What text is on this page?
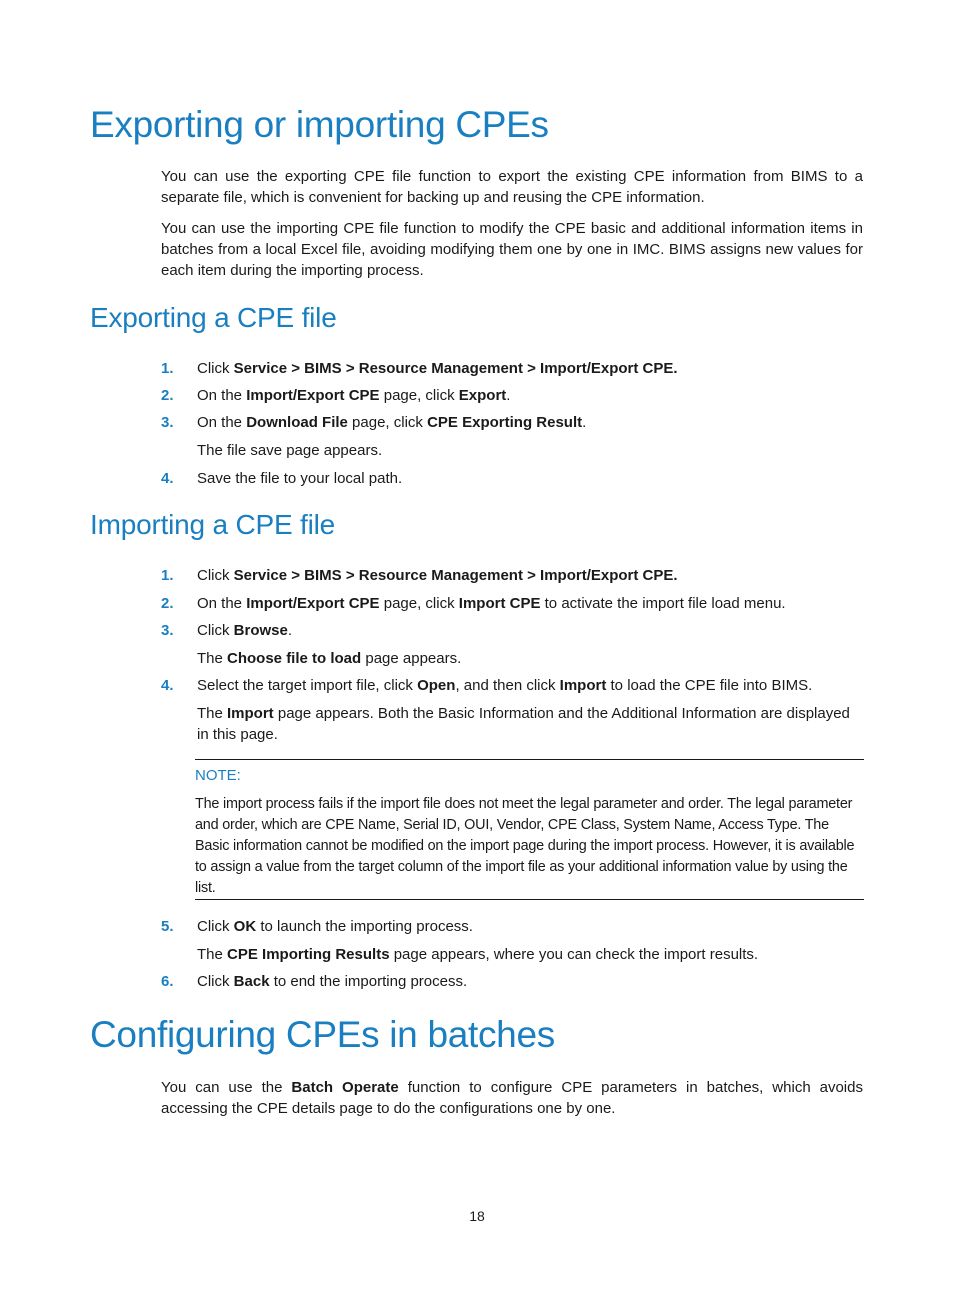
Exporting or importing CPEs

You can use the exporting CPE file function to export the existing CPE information from BIMS to a separate file, which is convenient for backing up and reusing the CPE information.

You can use the importing CPE file function to modify the CPE basic and additional information items in batches from a local Excel file, avoiding modifying them one by one in IMC. BIMS assigns new values for each item during the importing process.

Exporting a CPE file
1. Click Service > BIMS > Resource Management > Import/Export CPE.
2. On the Import/Export CPE page, click Export.
3. On the Download File page, click CPE Exporting Result.

The file save page appears.

4. Save the file to your local path.
Importing a CPE file
1. Click Service > BIMS > Resource Management > Import/Export CPE.
2. On the Import/Export CPE page, click Import CPE to activate the import file load menu.
3. Click Browse.

The Choose file to load page appears.

4. Select the target import file, click Open, and then click Import to load the CPE file into BIMS.

The Import page appears. Both the Basic Information and the Additional Information are displayed in this page.

NOTE:

The import process fails if the import file does not meet the legal parameter and order. The legal parameter and order, which are CPE Name, Serial ID, OUI, Vendor, CPE Class, System Name, Access Type. The Basic information cannot be modified on the import page during the import process. However, it is available to assign a value from the target column of the import file as your additional information value by using the list.

5. Click OK to launch the importing process.

The CPE Importing Results page appears, where you can check the import results.

6. Click Back to end the importing process.
Configuring CPEs in batches

You can use the Batch Operate function to configure CPE parameters in batches, which avoids accessing the CPE details page to do the configurations one by one.

18
